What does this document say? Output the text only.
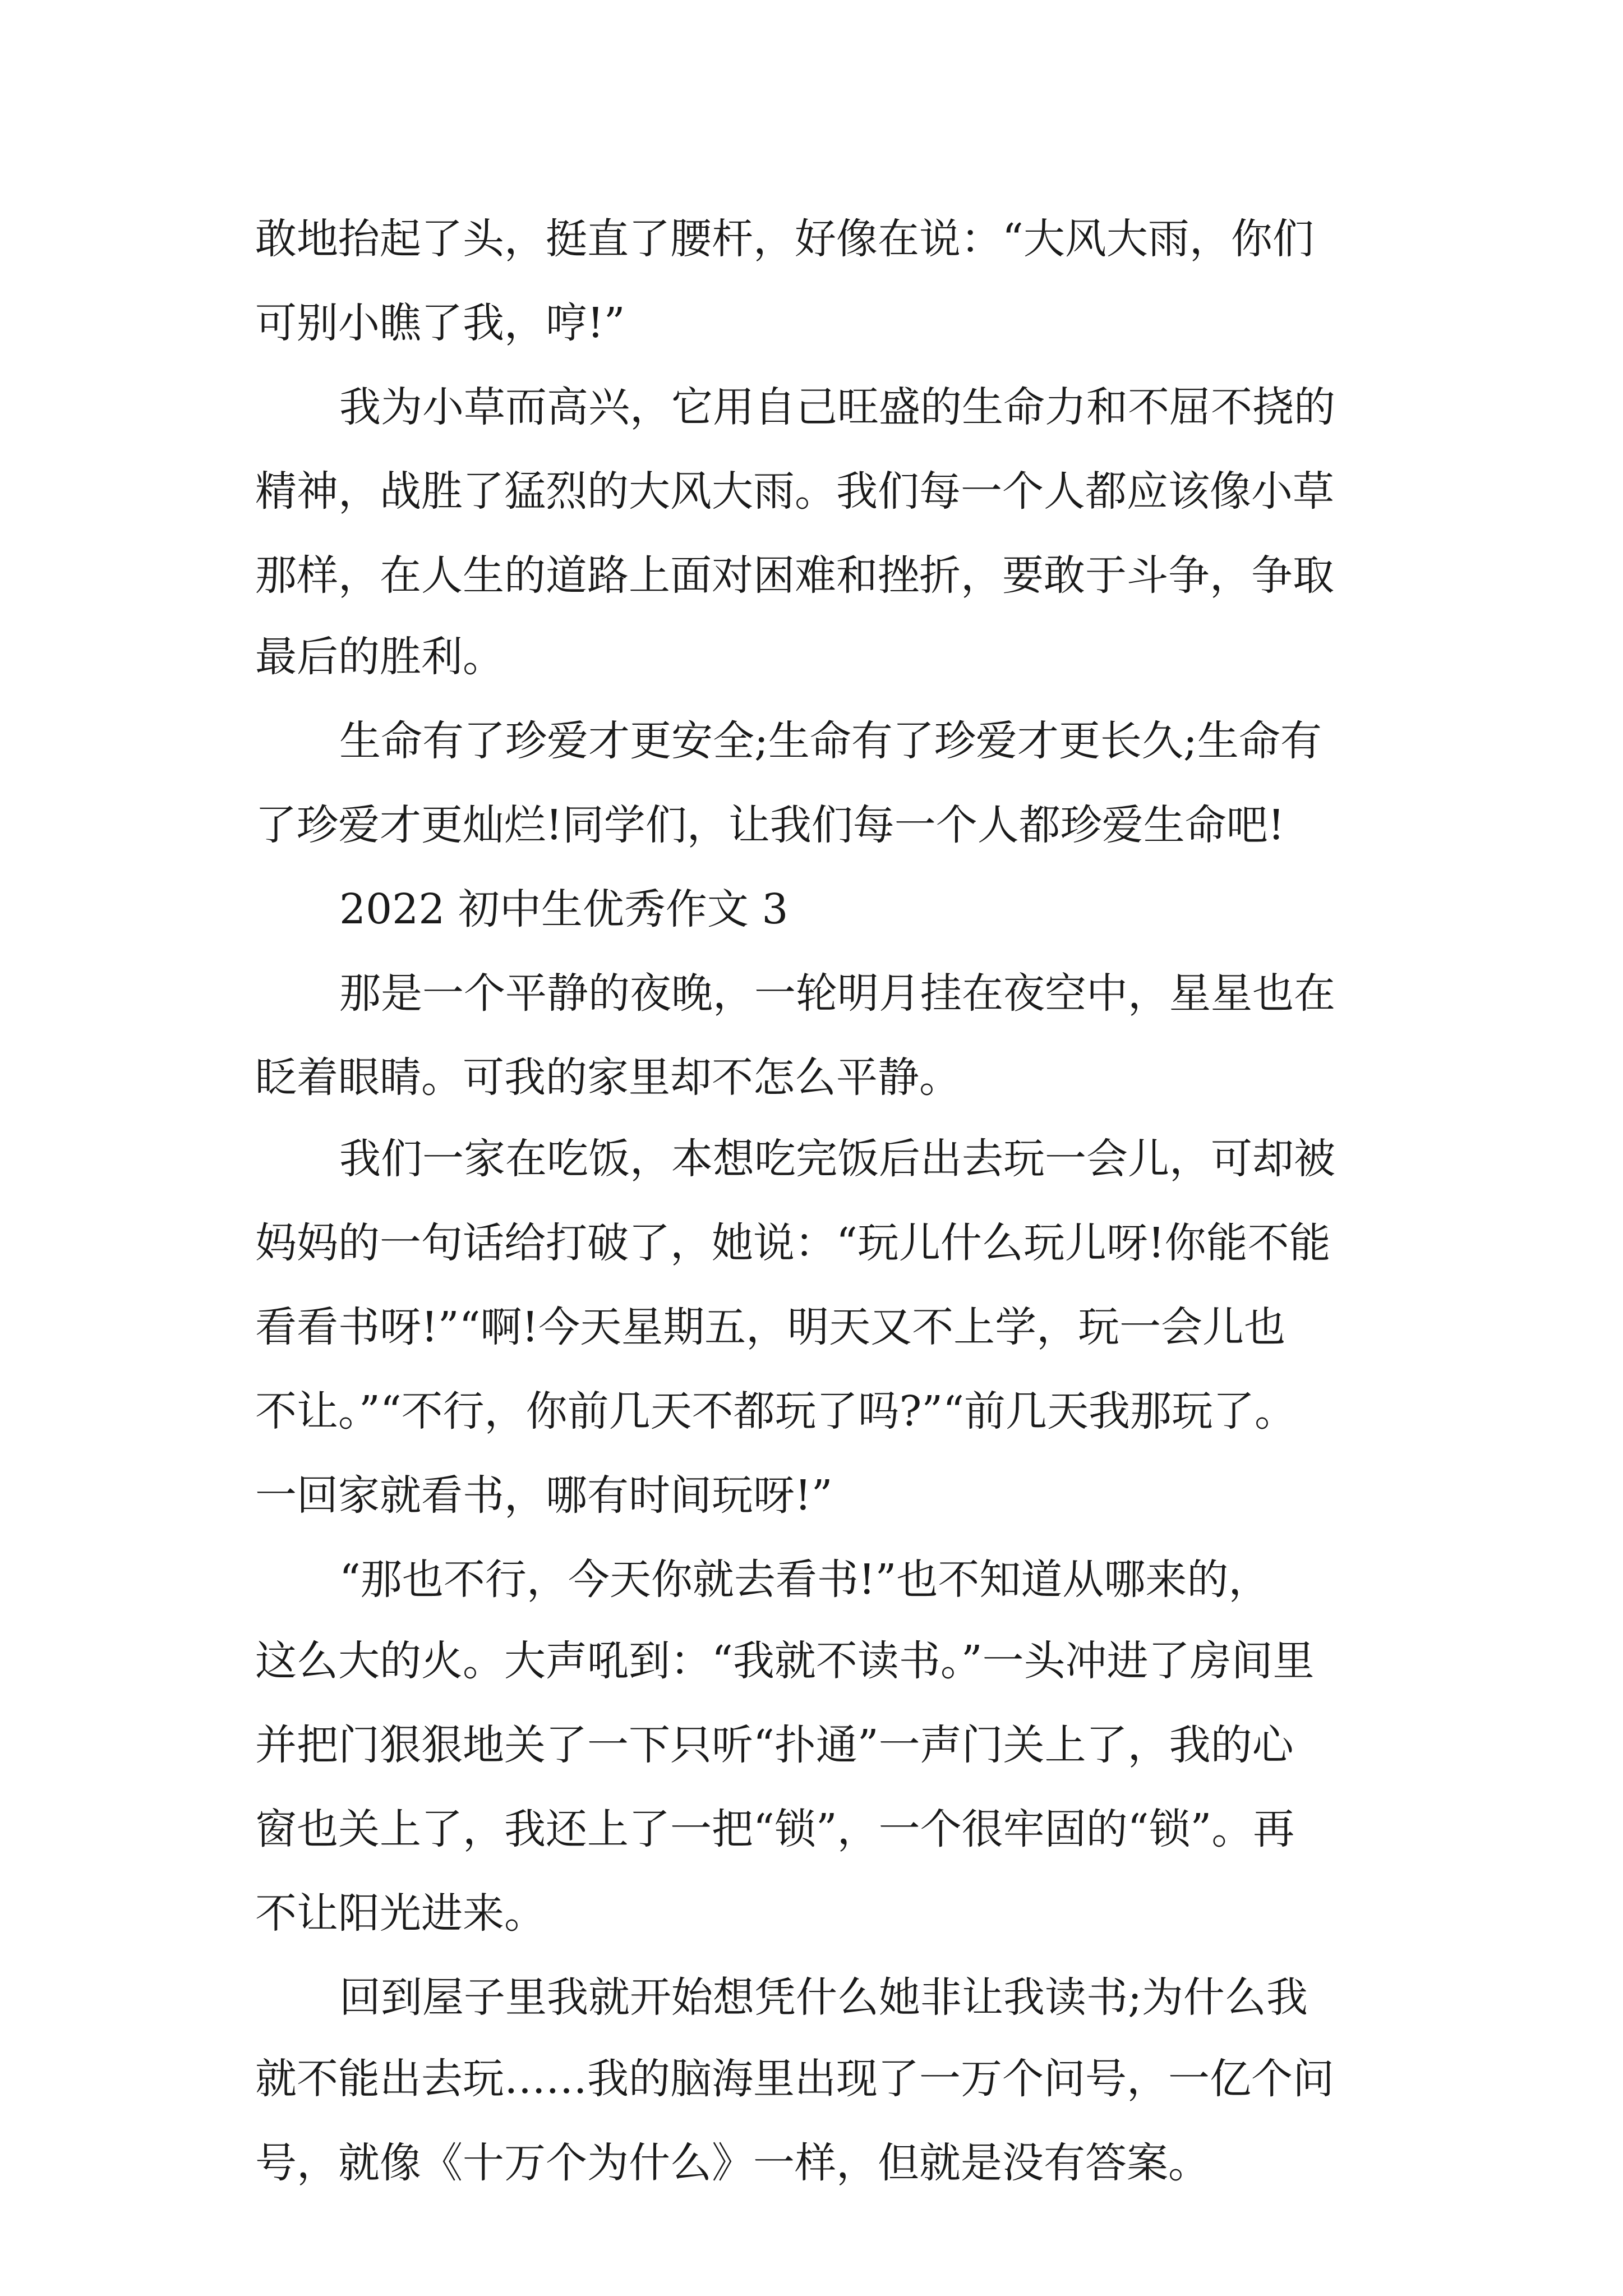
敢地抬起了头，挺直了腰杆，好像在说：“大风大雨，你们
可别小瞧了我，哼!”
我为小草而高兴，它用自己旺盛的生命力和不屈不挠的
精神，战胜了猛烈的大风大雨。我们每一个人都应该像小草
那样，在人生的道路上面对困难和挫折，要敢于斗争，争取
最后的胜利。
生命有了珍爱才更安全;生命有了珍爱才更长久;生命有
了珍爱才更灿烂!同学们，让我们每一个人都珍爱生命吧!
2022 初中生优秀作文 3
那是一个平静的夜晚，一轮明月挂在夜空中，星星也在
眨着眼睛。可我的家里却不怎么平静。
我们一家在吃饭，本想吃完饭后出去玩一会儿，可却被
妈妈的一句话给打破了，她说：“玩儿什么玩儿呀!你能不能
看看书呀!”“啊!今天星期五，明天又不上学，玩一会儿也
不让。”“不行，你前几天不都玩了吗?”“前几天我那玩了。
一回家就看书，哪有时间玩呀!”
“那也不行，今天你就去看书!”也不知道从哪来的，
这么大的火。大声吼到：“我就不读书。”一头冲进了房间里
并把门狠狠地关了一下只听“扑通”一声门关上了，我的心
窗也关上了，我还上了一把“锁”，一个很牢固的“锁”。再
不让阳光进来。
回到屋子里我就开始想凭什么她非让我读书;为什么我
就不能出去玩……我的脑海里出现了一万个问号，一亿个问
号，就像《十万个为什么》一样，但就是没有答案。
